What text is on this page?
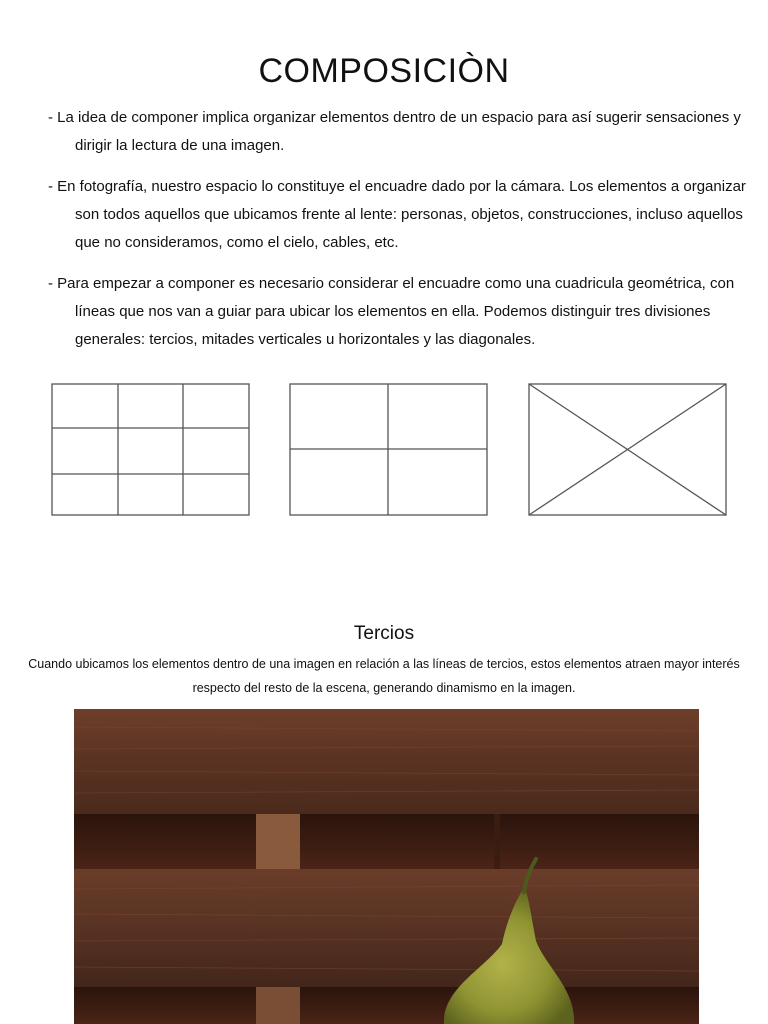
COMPOSICIÒN
- La idea de componer implica organizar elementos dentro de un espacio para así sugerir sensaciones y dirigir la lectura de una imagen.
- En fotografía, nuestro espacio lo constituye el encuadre dado por la cámara. Los elementos a organizar son todos aquellos que ubicamos frente al lente: personas, objetos, construcciones, incluso aquellos que no consideramos, como el cielo, cables, etc.
- Para empezar a componer es necesario considerar el encuadre como una cuadricula geométrica, con líneas que nos van a guiar para ubicar los elementos en ella. Podemos distinguir tres divisiones generales: tercios, mitades verticales u horizontales y las diagonales.
Tercios
Cuando ubicamos los elementos dentro de una imagen en relación a las líneas de tercios, estos elementos atraen mayor interés respecto del resto de la escena, generando dinamismo en la imagen.
